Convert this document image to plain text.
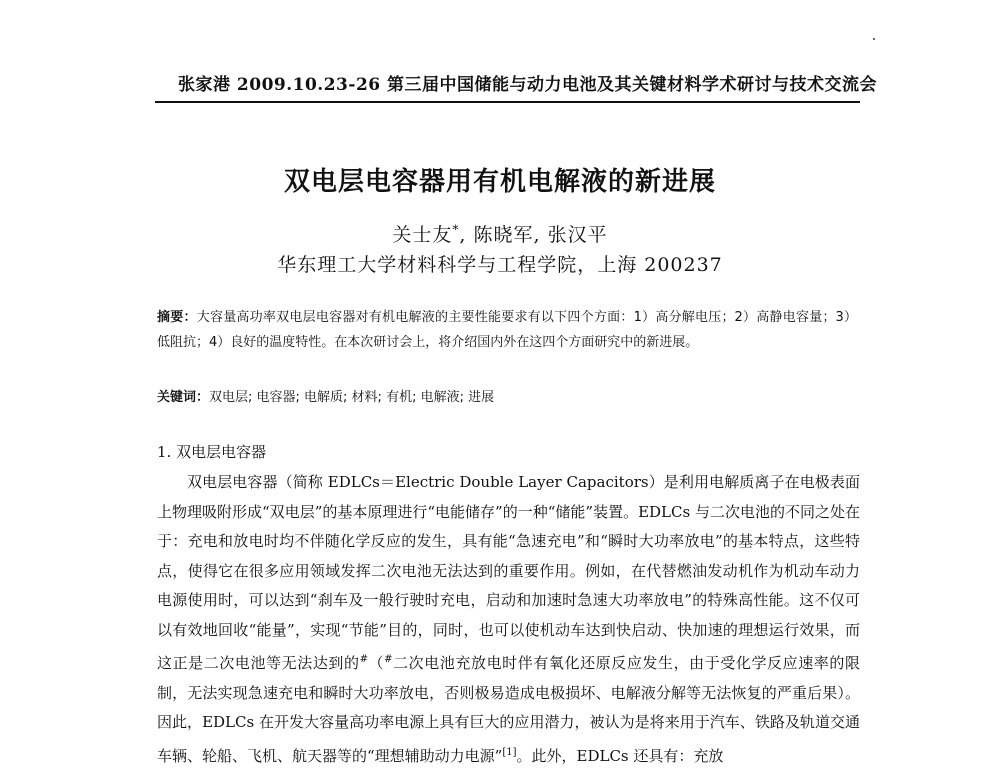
张家港 2009.10.23-26 第三届中国储能与动力电池及其关键材料学术研讨与技术交流会
双电层电容器用有机电解液的新进展
关士友*, 陈晓军, 张汉平
华东理工大学材料科学与工程学院，上海 200237
摘要：大容量高功率双电层电容器对有机电解液的主要性能要求有以下四个方面：1）高分解电压；2）高静电容量；3）低阻抗；4）良好的温度特性。在本次研讨会上，将介绍国内外在这四个方面研究中的新进展。
关键词：双电层; 电容器; 电解质; 材料; 有机; 电解液; 进展
1. 双电层电容器

双电层电容器（简称 EDLCs＝Electric Double Layer Capacitors）是利用电解质离子在电极表面上物理吸附形成“双电层”的基本原理进行“电能储存”的一种“储能”装置。EDLCs 与二次电池的不同之处在于：充电和放电时均不伴随化学反应的发生，具有能“急速充电”和“瞬时大功率放电”的基本特点，这些特点，使得它在很多应用领域发挥二次电池无法达到的重要作用。例如，在代替燃油发动机作为机动车动力电源使用时，可以达到“刹车及一般行驶时充电，启动和加速时急速大功率放电”的特殊高性能。这不仅可以有效地回收“能量”，实现“节能”目的，同时，也可以使机动车达到快启动、快加速的理想运行效果，而这正是二次电池等无法达到的#（#二次电池充放电时伴有氧化还原反应发生，由于受化学反应速率的限制，无法实现急速充电和瞬时大功率放电，否则极易造成电极损坏、电解液分解等无法恢复的严重后果）。因此，EDLCs 在开发大容量高功率电源上具有巨大的应用潜力，被认为是将来用于汽车、铁路及轨道交通车辆、轮船、飞机、航天器等的“理想辅助动力电源”[1]。此外，EDLCs 还具有：充放
